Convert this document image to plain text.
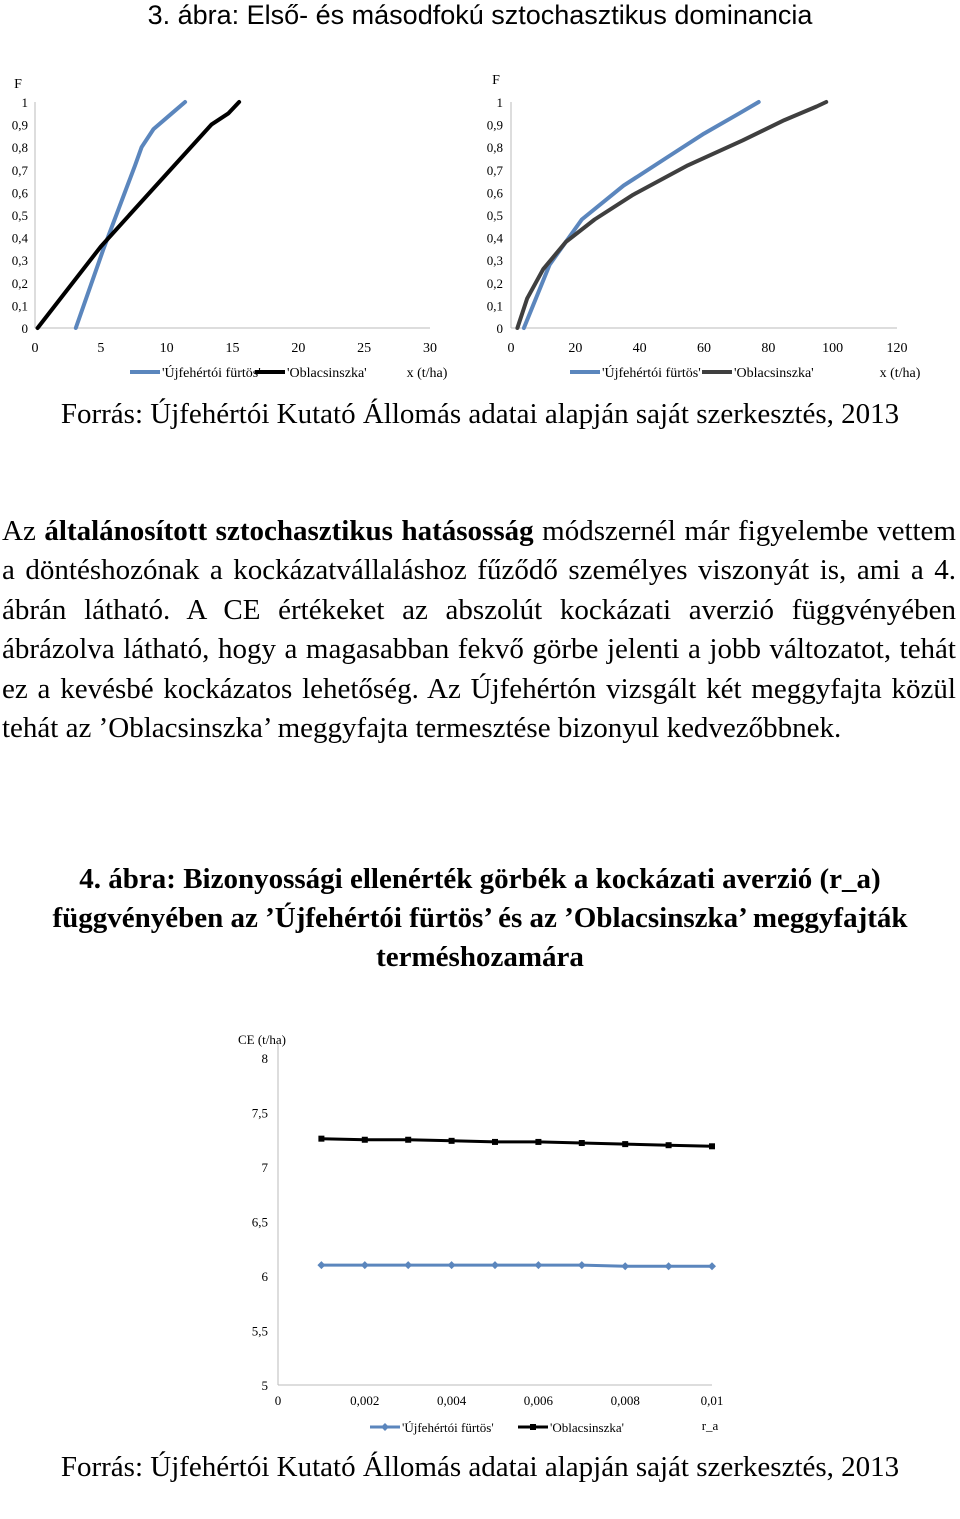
3. ábra: Első- és másodfokú sztochasztikus dominancia
F
0
0,1
0,2
0,3
0,4
0,5
0,6
0,7
0,8
0,9
1
0	5	10	15	20	25	30
x (t/ha)
'Újfehértói fürtös' 'Oblacsinszka'
F
0
0,1
0,2
0,3
0,4
0,5
0,6
0,7
0,8
0,9
1
0	20	40	60	80	100	120
x (t/ha)
'Újfehértói fürtös' 'Oblacsinszka'
Forrás: Újfehértói Kutató Állomás adatai alapján saját szerkesztés, 2013

Az általánosított sztochasztikus hatásosság módszernél már figyelembe vettem a döntéshozónak a kockázatvállaláshoz fűződő személyes viszonyát is, ami a 4. ábrán látható. A CE értékeket az abszolút kockázati averzió függvényében ábrázolva látható, hogy a magasabban fekvő görbe jelenti a jobb változatot, tehát ez a kevésbé kockázatos lehetőség. Az Újfehértón vizsgált két meggyfajta közül tehát az ’Oblacsinszka’ meggyfajta termesztése bizonyul kedvezőbbnek.

4. ábra: Bizonyossági ellenérték görbék a kockázati averzió (r_a) függvényében az ’Újfehértói fürtös’ és az ’Oblacsinszka’ meggyfajták terméshozamára
CE (t/ha)
5
5,5
6
6,5
7
7,5
8
0	0,002	0,004	0,006	0,008	0,01
r_a
'Újfehértói fürtös'	'Oblacsinszka'
Forrás: Újfehértói Kutató Állomás adatai alapján saját szerkesztés, 2013
